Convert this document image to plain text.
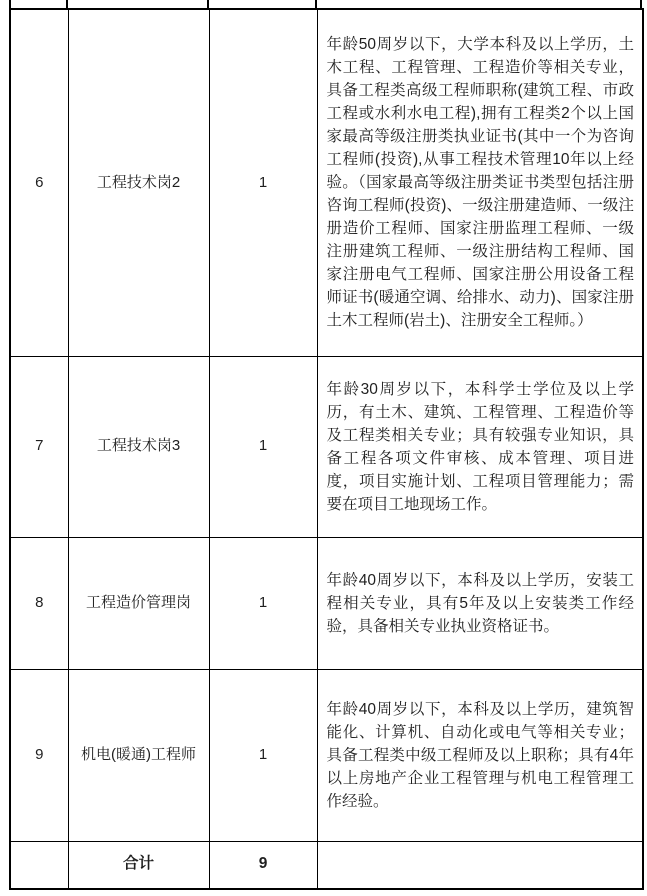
6	工程技术岗2	1	年龄50周岁以下，大学本科及以上学历，土木工程、工程管理、工程造价等相关专业，具备工程类高级工程师职称(建筑工程、市政工程或水利水电工程),拥有工程类2个以上国家最高等级注册类执业证书(其中一个为咨询工程师(投资),从事工程技术管理10年以上经验。（国家最高等级注册类证书类型包括注册咨询工程师(投资)、一级注册建造师、一级注册造价工程师、国家注册监理工程师、一级注册建筑工程师、一级注册结构工程师、国家注册电气工程师、国家注册公用设备工程师证书(暖通空调、给排水、动力)、国家注册土木工程师(岩土)、注册安全工程师。）
7	工程技术岗3	1	年龄30周岁以下，本科学士学位及以上学历，有土木、建筑、工程管理、工程造价等及工程类相关专业；具有较强专业知识，具备工程各项文件审核、成本管理、项目进度，项目实施计划、工程项目管理能力；需要在项目工地现场工作。
8	工程造价管理岗	1	年龄40周岁以下，本科及以上学历，安装工程相关专业，具有5年及以上安装类工作经验，具备相关专业执业资格证书。
9	机电(暖通)工程师	1	年龄40周岁以下，本科及以上学历，建筑智能化、计算机、自动化或电气等相关专业；具备工程类中级工程师及以上职称；具有4年以上房地产企业工程管理与机电工程管理工作经验。
	合计	9	
